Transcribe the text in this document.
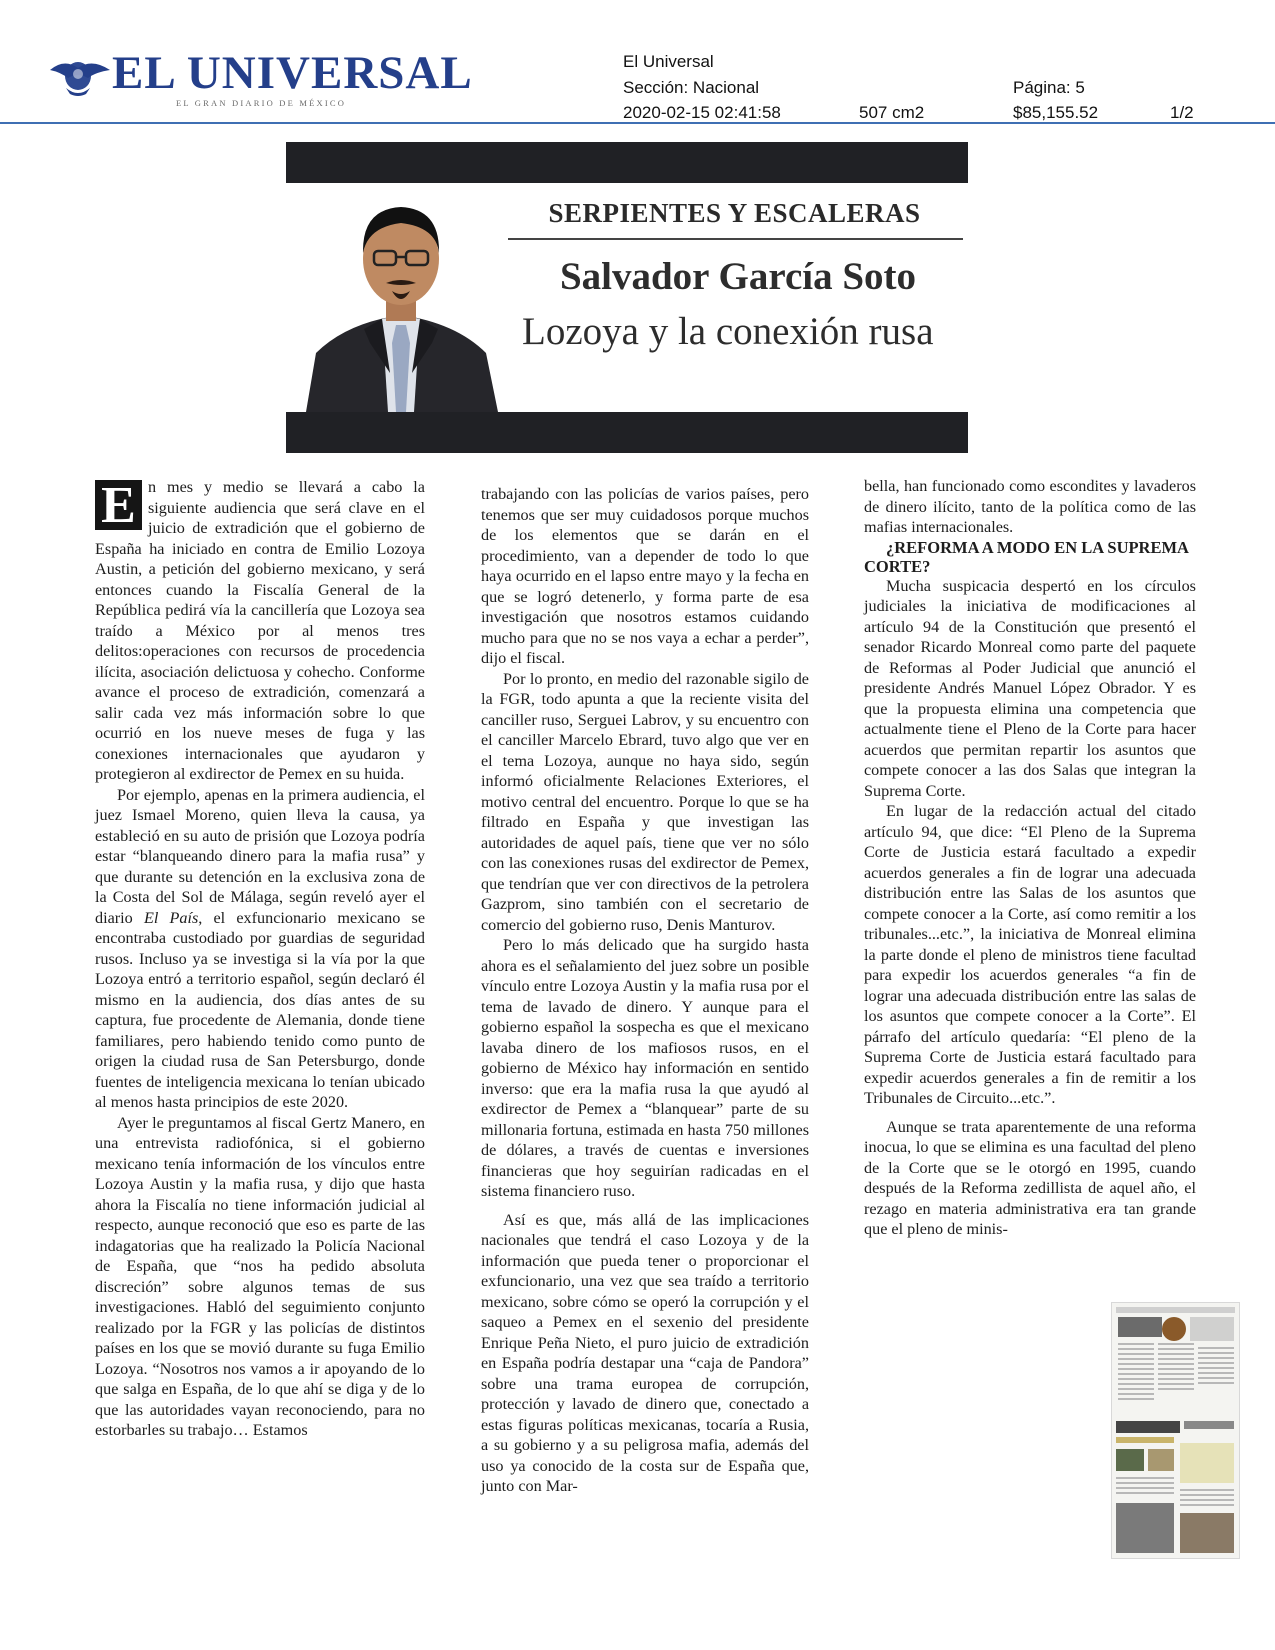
EL UNIVERSAL
EL GRAN DIARIO DE MÉXICO
El Universal
Sección: Nacional	Página: 5
2020-02-15 02:41:58	507 cm2	$85,155.52	1/2
SERPIENTES Y ESCALERAS
Salvador García Soto
Lozoya y la conexión rusa
E n mes y medio se llevará a cabo la siguiente audiencia que será clave en el juicio de extradición que el gobierno de España ha iniciado en contra de Emilio Lozoya Austin, a petición del gobierno mexicano, y será entonces cuando la Fiscalía General de la República pedirá vía la cancillería que Lozoya sea traído a México por al menos tres delitos:operaciones con recursos de procedencia ilícita, asociación delictuosa y cohecho. Conforme avance el proceso de extradición, comenzará a salir cada vez más información sobre lo que ocurrió en los nueve meses de fuga y las conexiones internacionales que ayudaron y protegieron al exdirector de Pemex en su huida.

Por ejemplo, apenas en la primera audiencia, el juez Ismael Moreno, quien lleva la causa, ya estableció en su auto de prisión que Lozoya podría estar “blanqueando dinero para la mafia rusa” y que durante su detención en la exclusiva zona de la Costa del Sol de Málaga, según reveló ayer el diario El País, el exfuncionario mexicano se encontraba custodiado por guardias de seguridad rusos. Incluso ya se investiga si la vía por la que Lozoya entró a territorio español, según declaró él mismo en la audiencia, dos días antes de su captura, fue procedente de Alemania, donde tiene familiares, pero habiendo tenido como punto de origen la ciudad rusa de San Petersburgo, donde fuentes de inteligencia mexicana lo tenían ubicado al menos hasta principios de este 2020.

Ayer le preguntamos al fiscal Gertz Manero, en una entrevista radiofónica, si el gobierno mexicano tenía información de los vínculos entre Lozoya Austin y la mafia rusa, y dijo que hasta ahora la Fiscalía no tiene información judicial al respecto, aunque reconoció que eso es parte de las indagatorias que ha realizado la Policía Nacional de España, que “nos ha pedido absoluta discreción” sobre algunos temas de sus investigaciones. Habló del seguimiento conjunto realizado por la FGR y las policías de distintos países en los que se movió durante su fuga Emilio Lozoya. “Nosotros nos vamos a ir apoyando de lo que salga en España, de lo que ahí se diga y de lo que las autoridades vayan reconociendo, para no estorbarles su trabajo… Estamos

trabajando con las policías de varios países, pero tenemos que ser muy cuidadosos porque muchos de los elementos que se darán en el procedimiento, van a depender de todo lo que haya ocurrido en el lapso entre mayo y la fecha en que se logró detenerlo, y forma parte de esa investigación que nosotros estamos cuidando mucho para que no se nos vaya a echar a perder”, dijo el fiscal.

Por lo pronto, en medio del razonable sigilo de la FGR, todo apunta a que la reciente visita del canciller ruso, Serguei Labrov, y su encuentro con el canciller Marcelo Ebrard, tuvo algo que ver en el tema Lozoya, aunque no haya sido, según informó oficialmente Relaciones Exteriores, el motivo central del encuentro. Porque lo que se ha filtrado en España y que investigan las autoridades de aquel país, tiene que ver no sólo con las conexiones rusas del exdirector de Pemex, que tendrían que ver con directivos de la petrolera Gazprom, sino también con el secretario de comercio del gobierno ruso, Denis Manturov.

Pero lo más delicado que ha surgido hasta ahora es el señalamiento del juez sobre un posible vínculo entre Lozoya Austin y la mafia rusa por el tema de lavado de dinero. Y aunque para el gobierno español la sospecha es que el mexicano lavaba dinero de los mafiosos rusos, en el gobierno de México hay información en sentido inverso: que era la mafia rusa la que ayudó al exdirector de Pemex a “blanquear” parte de su millonaria fortuna, estimada en hasta 750 millones de dólares, a través de cuentas e inversiones financieras que hoy seguirían radicadas en el sistema financiero ruso.

Así es que, más allá de las implicaciones nacionales que tendrá el caso Lozoya y de la información que pueda tener o proporcionar el exfuncionario, una vez que sea traído a territorio mexicano, sobre cómo se operó la corrupción y el saqueo a Pemex en el sexenio del presidente Enrique Peña Nieto, el puro juicio de extradición en España podría destapar una “caja de Pandora” sobre una trama europea de corrupción, protección y lavado de dinero que, conectado a estas figuras políticas mexicanas, tocaría a Rusia, a su gobierno y a su peligrosa mafia, además del uso ya conocido de la costa sur de España que, junto con Mar-

bella, han funcionado como escondites y lavaderos de dinero ilícito, tanto de la política como de las mafias internacionales.

¿REFORMA A MODO EN LA SUPREMA CORTE?

Mucha suspicacia despertó en los círculos judiciales la iniciativa de modificaciones al artículo 94 de la Constitución que presentó el senador Ricardo Monreal como parte del paquete de Reformas al Poder Judicial que anunció el presidente Andrés Manuel López Obrador. Y es que la propuesta elimina una competencia que actualmente tiene el Pleno de la Corte para hacer acuerdos que permitan repartir los asuntos que compete conocer a las dos Salas que integran la Suprema Corte.

En lugar de la redacción actual del citado artículo 94, que dice: “El Pleno de la Suprema Corte de Justicia estará facultado a expedir acuerdos generales a fin de lograr una adecuada distribución entre las Salas de los asuntos que compete conocer a la Corte, así como remitir a los tribunales...etc.”, la iniciativa de Monreal elimina la parte donde el pleno de ministros tiene facultad para expedir los acuerdos generales “a fin de lograr una adecuada distribución entre las salas de los asuntos que compete conocer a la Corte”. El párrafo del artículo quedaría: “El pleno de la Suprema Corte de Justicia estará facultado para expedir acuerdos generales a fin de remitir a los Tribunales de Circuito...etc.”.

Aunque se trata aparentemente de una reforma inocua, lo que se elimina es una facultad del pleno de la Corte que se le otorgó en 1995, cuando después de la Reforma zedillista de aquel año, el rezago en materia administrativa era tan grande que el pleno de minis-
